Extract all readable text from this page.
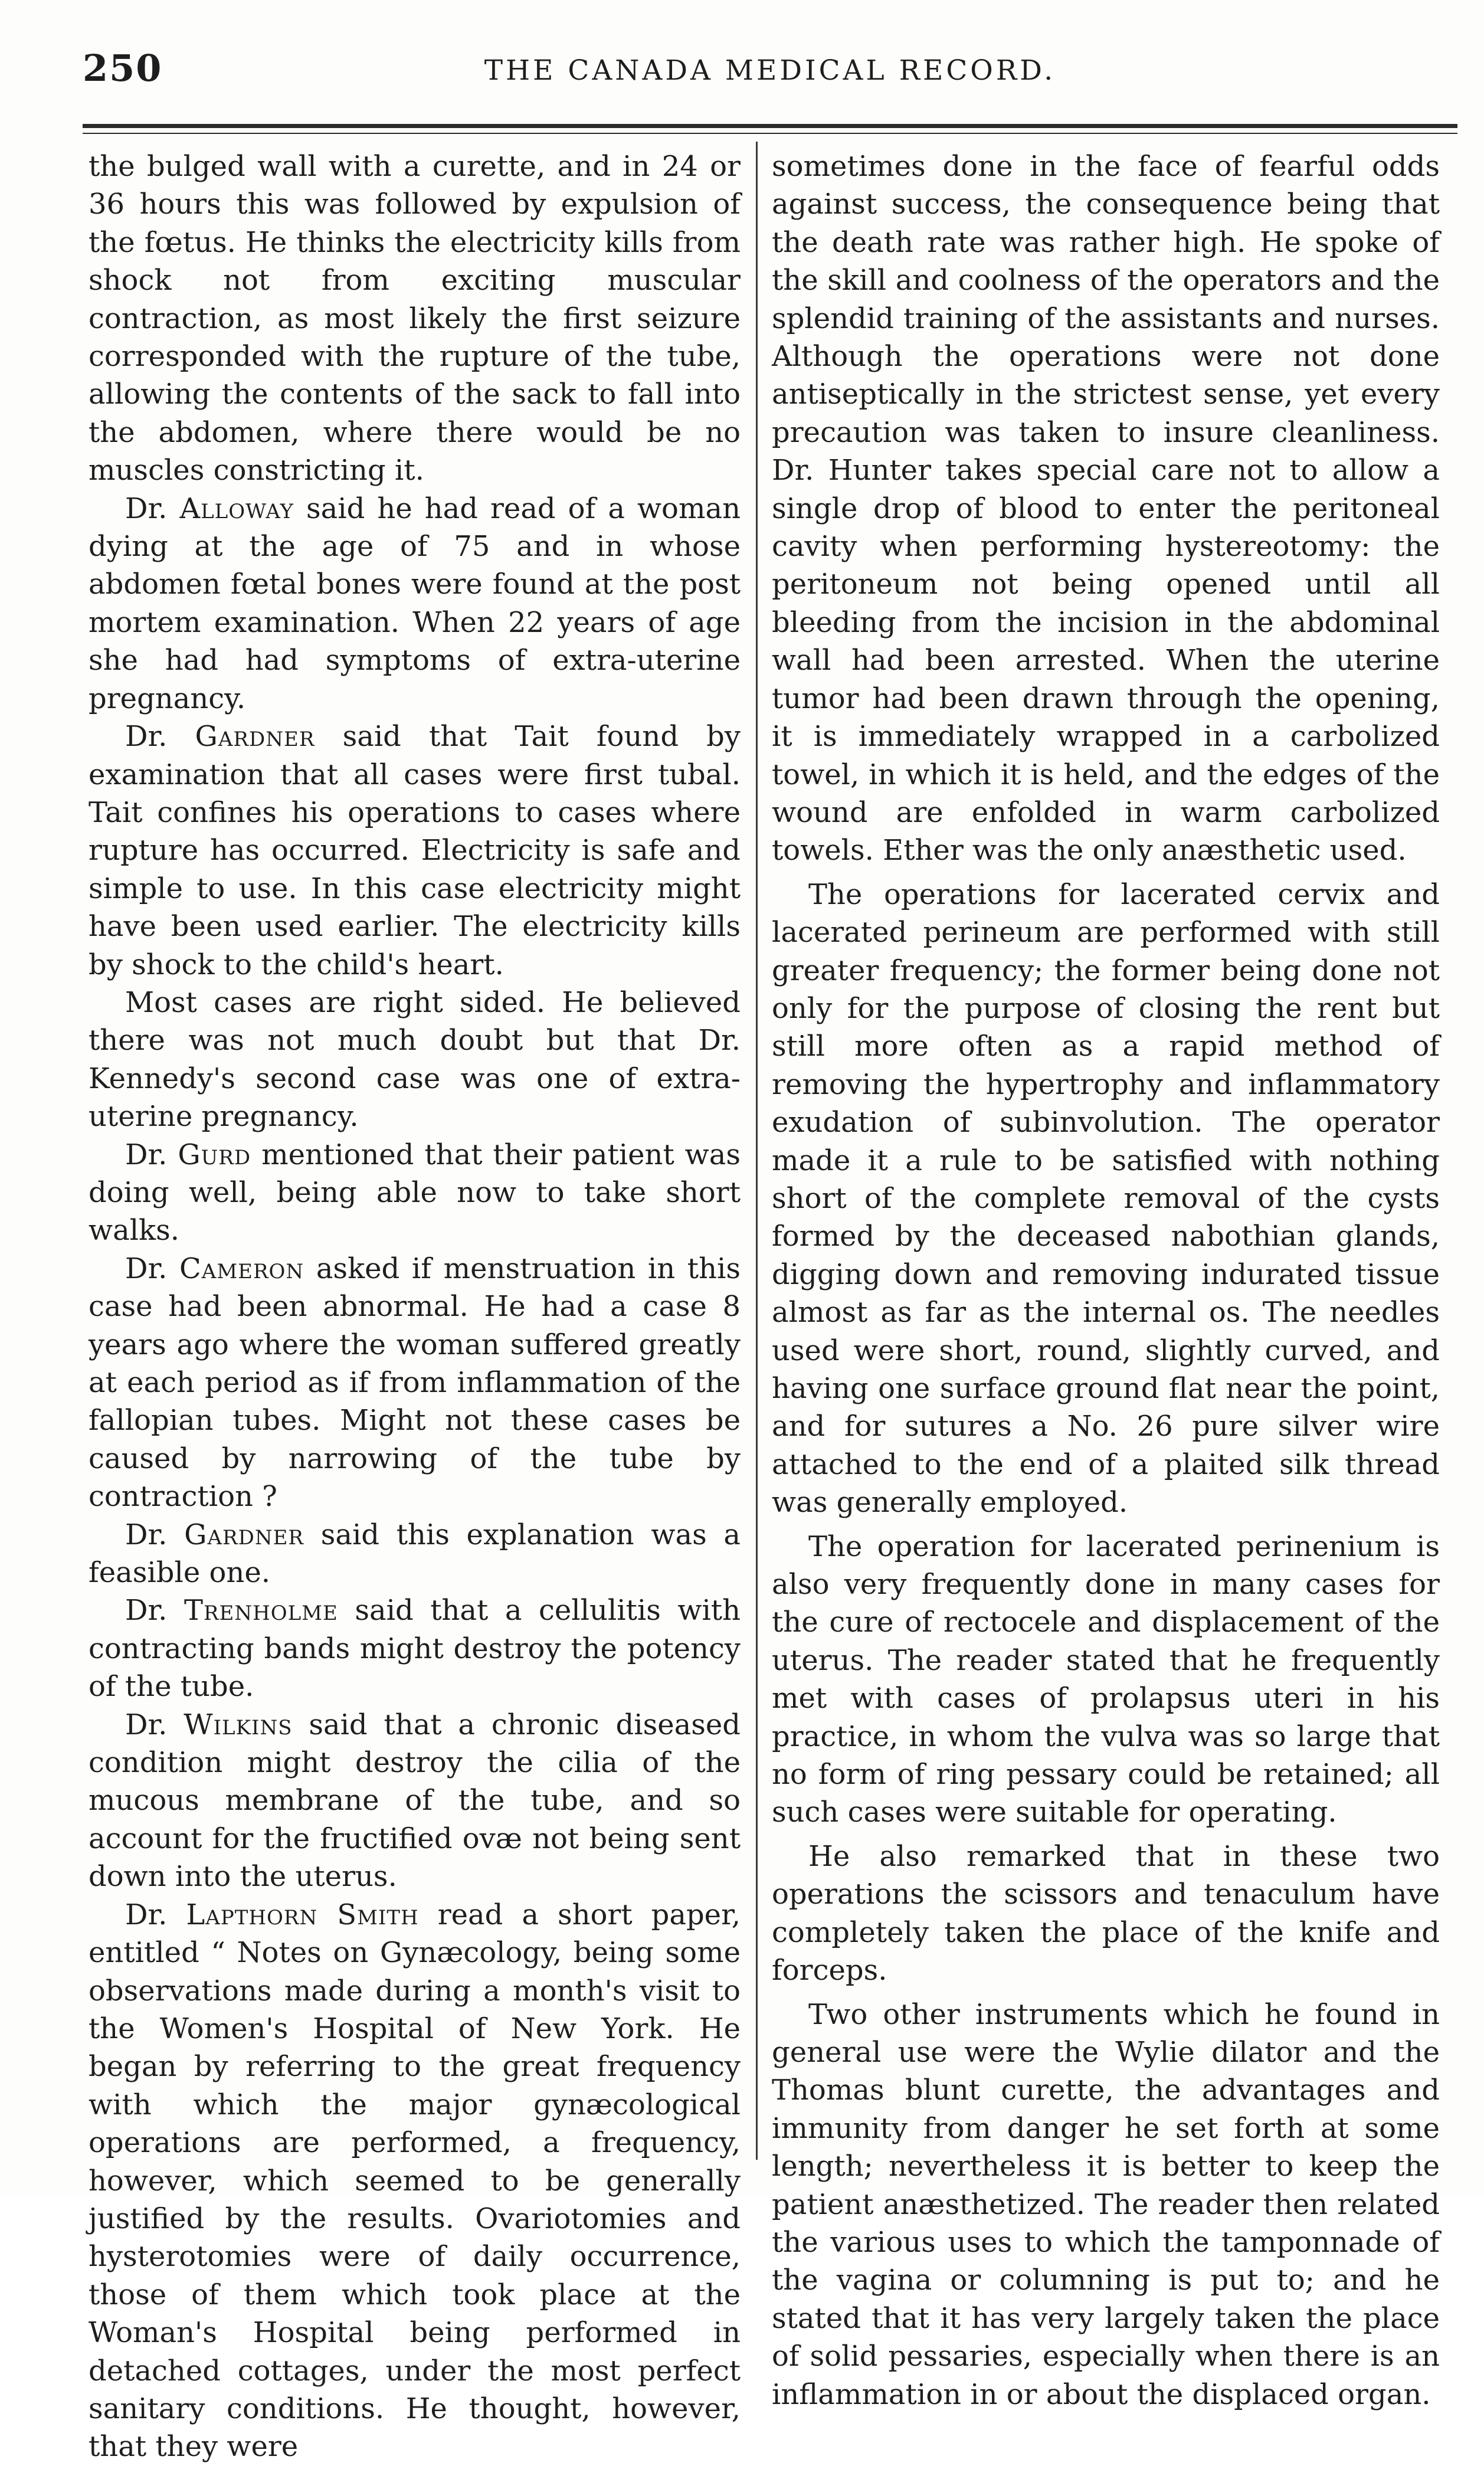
250	THE CANADA MEDICAL RECORD.

the bulged wall with a curette, and in 24 or 36 hours this was followed by expulsion of the fœtus. He thinks the electricity kills from shock not from exciting muscular contraction, as most likely the first seizure corresponded with the rupture of the tube, allowing the contents of the sack to fall into the abdomen, where there would be no muscles constricting it.

Dr. Alloway said he had read of a woman dying at the age of 75 and in whose abdomen fœtal bones were found at the post mortem examination. When 22 years of age she had had symptoms of extra-uterine pregnancy.

Dr. Gardner said that Tait found by examination that all cases were first tubal. Tait confines his operations to cases where rupture has occurred. Electricity is safe and simple to use. In this case electricity might have been used earlier. The electricity kills by shock to the child's heart.

Most cases are right sided. He believed there was not much doubt but that Dr. Kennedy's second case was one of extra-uterine pregnancy.

Dr. Gurd mentioned that their patient was doing well, being able now to take short walks.

Dr. Cameron asked if menstruation in this case had been abnormal. He had a case 8 years ago where the woman suffered greatly at each period as if from inflammation of the fallopian tubes. Might not these cases be caused by narrowing of the tube by contraction ?

Dr. Gardner said this explanation was a feasible one.

Dr. Trenholme said that a cellulitis with contracting bands might destroy the potency of the tube.

Dr. Wilkins said that a chronic diseased condition might destroy the cilia of the mucous membrane of the tube, and so account for the fructified ovæ not being sent down into the uterus.

Dr. Lapthorn Smith read a short paper, entitled “ Notes on Gynæcology, being some observations made during a month's visit to the Women's Hospital of New York. He began by referring to the great frequency with which the major gynæcological operations are performed, a frequency, however, which seemed to be generally justified by the results. Ovariotomies and hysterotomies were of daily occurrence, those of them which took place at the Woman's Hospital being performed in detached cottages, under the most perfect sanitary conditions. He thought, however, that they were

sometimes done in the face of fearful odds against success, the consequence being that the death rate was rather high. He spoke of the skill and coolness of the operators and the splendid training of the assistants and nurses. Although the operations were not done antiseptically in the strictest sense, yet every precaution was taken to insure cleanliness. Dr. Hunter takes special care not to allow a single drop of blood to enter the peritoneal cavity when performing hystereotomy: the peritoneum not being opened until all bleeding from the incision in the abdominal wall had been arrested. When the uterine tumor had been drawn through the opening, it is immediately wrapped in a carbolized towel, in which it is held, and the edges of the wound are enfolded in warm carbolized towels. Ether was the only anæsthetic used.

The operations for lacerated cervix and lacerated perineum are performed with still greater frequency; the former being done not only for the purpose of closing the rent but still more often as a rapid method of removing the hypertrophy and inflammatory exudation of subinvolution. The operator made it a rule to be satisfied with nothing short of the complete removal of the cysts formed by the deceased nabothian glands, digging down and removing indurated tissue almost as far as the internal os. The needles used were short, round, slightly curved, and having one surface ground flat near the point, and for sutures a No. 26 pure silver wire attached to the end of a plaited silk thread was generally employed.

The operation for lacerated perinenium is also very frequently done in many cases for the cure of rectocele and displacement of the uterus. The reader stated that he frequently met with cases of prolapsus uteri in his practice, in whom the vulva was so large that no form of ring pessary could be retained; all such cases were suitable for operating.

He also remarked that in these two operations the scissors and tenaculum have completely taken the place of the knife and forceps.

Two other instruments which he found in general use were the Wylie dilator and the Thomas blunt curette, the advantages and immunity from danger he set forth at some length; nevertheless it is better to keep the patient anæsthetized. The reader then related the various uses to which the tamponnade of the vagina or columning is put to; and he stated that it has very largely taken the place of solid pessaries, especially when there is an inflammation in or about the displaced organ.
